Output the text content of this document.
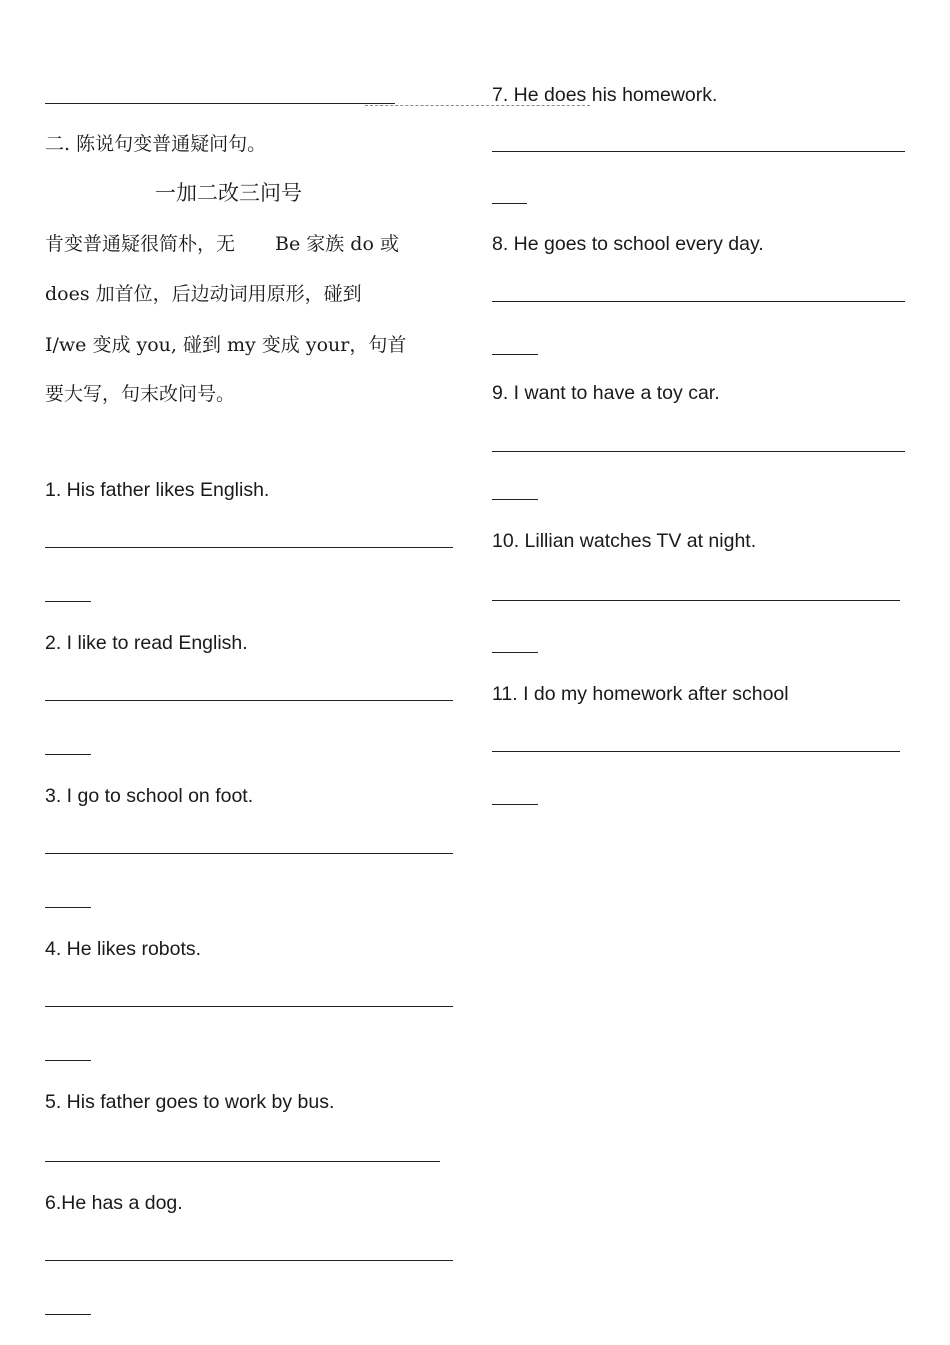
二. 陈说句变普通疑问句。
一加二改三问号
肯变普通疑很简朴，无 Be 家族 do 或
does 加首位，后边动词用原形，碰到
I/we 变成 you, 碰到 my 变成 your，句首
要大写，句末改问号。
1. His father likes English.
2. I like to read English.
3. I go to school on foot.
4. He likes robots.
5. His father goes to work by bus.
6.He has a dog.
7. He does his homework.
8. He goes to school every day.
9. I want to have a toy car.
10. Lillian watches TV at night.
11. I do my homework after school
